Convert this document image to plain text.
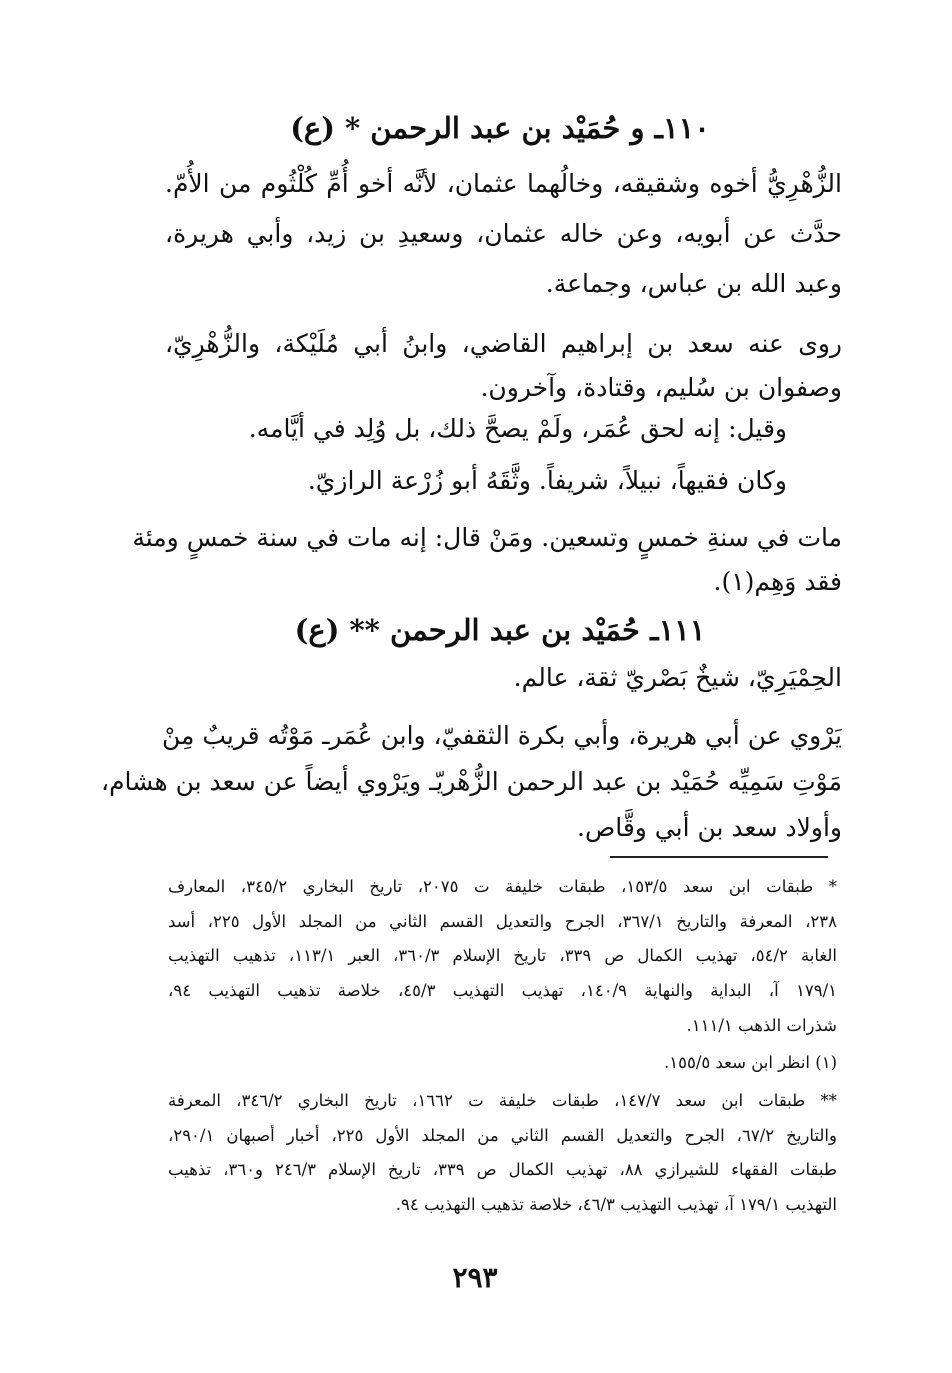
١١٠ـ و حُمَيْد بن عبد الرحمن * (ع)
الزُّهْرِيُّ أخوه وشقيقه، وخالُهما عثمان، لأنَّه أخو أُمِّ كُلْثُوم من الأُمّ.
حدَّث عن أبويه، وعن خاله عثمان، وسعيدِ بن زيد، وأبي هريرة،
وعبد الله بن عباس، وجماعة.
روى عنه سعد بن إبراهيم القاضي، وابنُ أبي مُلَيْكة، والزُّهْرِيّ،
وصفوان بن سُليم، وقتادة، وآخرون.
وقيل: إنه لحق عُمَر، ولَمْ يصحَّ ذلك، بل وُلِد في أيَّامه.
وكان فقيهاً، نبيلاً، شريفاً. وثَّقَهُ أبو زُرْعة الرازيّ.
مات في سنةِ خمسٍ وتسعين. ومَنْ قال: إنه مات في سنة خمسٍ ومئة
فقد وَهِم(١).
١١١ـ حُمَيْد بن عبد الرحمن ** (ع)
الحِمْيَرِيّ، شيخٌ بَصْريّ ثقة، عالم.
يَرْوي عن أبي هريرة، وأبي بكرة الثقفيّ، وابن عُمَرـ مَوْتُه قريبٌ مِنْ
مَوْتِ سَمِيِّه حُمَيْد بن عبد الرحمن الزُّهْريّـ ويَرْوي أيضاً عن سعد بن هشام،
وأولاد سعد بن أبي وقَّاص.
* طبقات ابن سعد ١٥٣/٥، طبقات خليفة ت ٢٠٧٥، تاريخ البخاري ٣٤٥/٢، المعارف
٢٣٨، المعرفة والتاريخ ٣٦٧/١، الجرح والتعديل القسم الثاني من المجلد الأول ٢٢٥، أسد
الغابة ٥٤/٢، تهذيب الكمال ص ٣٣٩، تاريخ الإسلام ٣٦٠/٣، العبر ١١٣/١، تذهيب التهذيب
١٧٩/١ آ، البداية والنهاية ١٤٠/٩، تهذيب التهذيب ٤٥/٣، خلاصة تذهيب التهذيب ٩٤،
شذرات الذهب ١١١/١.
(١) انظر ابن سعد ١٥٥/٥.
** طبقات ابن سعد ١٤٧/٧، طبقات خليفة ت ١٦٦٢، تاريخ البخاري ٣٤٦/٢، المعرفة
والتاريخ ٦٧/٢، الجرح والتعديل القسم الثاني من المجلد الأول ٢٢٥، أخبار أصبهان ٢٩٠/١،
طبقات الفقهاء للشيرازي ٨٨، تهذيب الكمال ص ٣٣٩، تاريخ الإسلام ٢٤٦/٣ و٣٦٠، تذهيب
التهذيب ١٧٩/١ آ، تهذيب التهذيب ٤٦/٣، خلاصة تذهيب التهذيب ٩٤.
٢٩٣
